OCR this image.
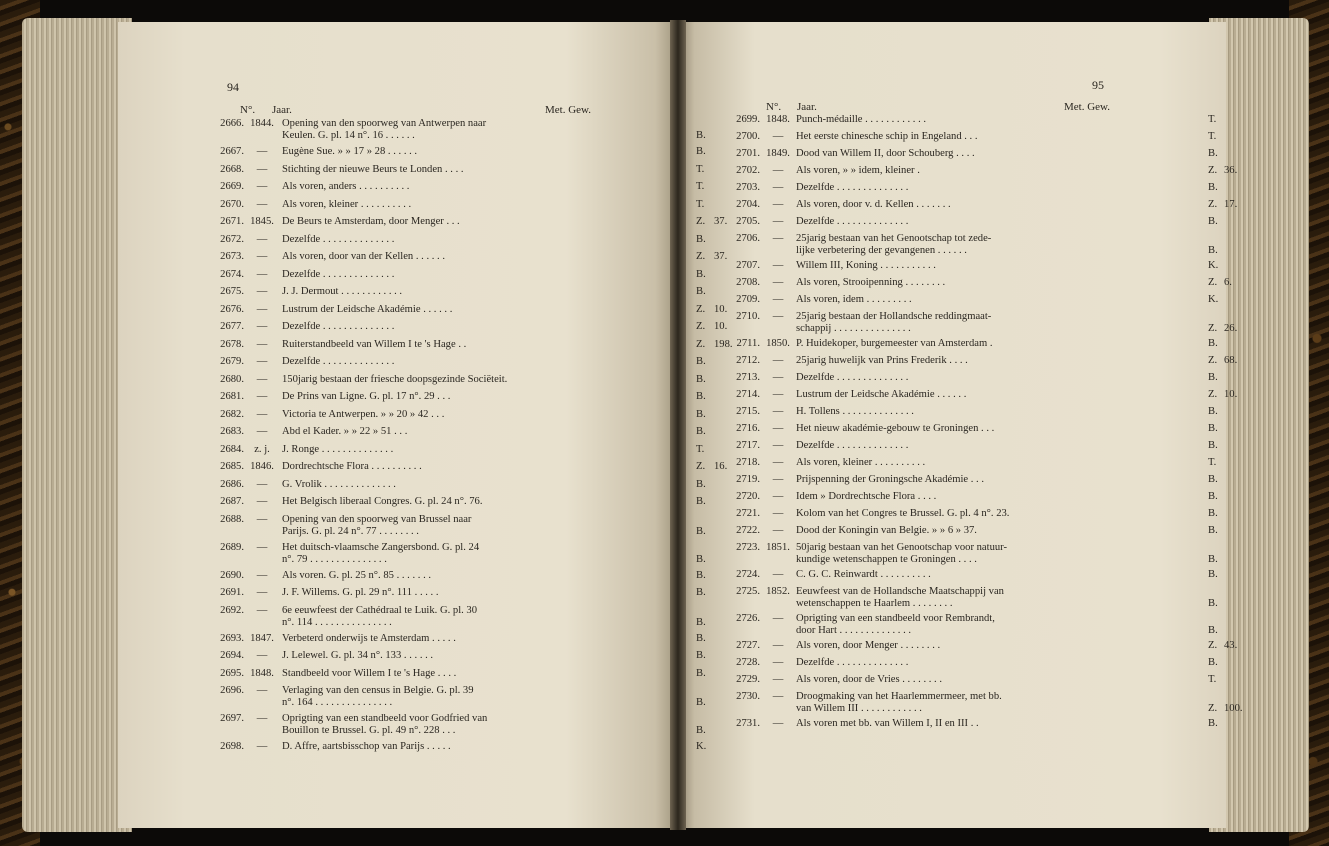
94
N°. Jaar.	Met. Gew.
2666. 1844. Opening van den spoorweg van Antwerpen naar
Keulen. G. pl. 14 n°. 16 . . . . . .	B.
2667.	—	Eugène Sue. » » 17 » 28 . . . . . .	B.
2668.	—	Stichting der nieuwe Beurs te Londen . . . .	T.
2669.	—	Als voren, anders . . . . . . . . . .	T.
2670.	—	Als voren, kleiner . . . . . . . . . .	T.
2671. 1845. De Beurs te Amsterdam, door Menger . . .	Z. 37.
2672.	—	Dezelfde . . . . . . . . . . . . . .	B.
2673.	—	Als voren, door van der Kellen . . . . . .	Z. 37.
2674.	—	Dezelfde . . . . . . . . . . . . . .	B.
2675.	—	J. J. Dermout . . . . . . . . . . . .	B.
2676.	—	Lustrum der Leidsche Akadémie . . . . . .	Z. 10.
2677.	—	Dezelfde . . . . . . . . . . . . . .	Z. 10.
2678.	—	Ruiterstandbeeld van Willem I te 's Hage . .	Z. 198.
2679.	—	Dezelfde . . . . . . . . . . . . . .	B.
2680.	—	150jarig bestaan der friesche doopsgezinde Sociëteit.	B.
2681.	—	De Prins van Ligne. G. pl. 17 n°. 29 . . .	B.
2682.	—	Victoria te Antwerpen. » » 20 » 42 . . .	B.
2683.	—	Abd el Kader. » » 22 » 51 . . .	B.
2684. z. j.	J. Ronge . . . . . . . . . . . . . .	T.
2685. 1846. Dordrechtsche Flora . . . . . . . . . .	Z. 16.
2686.	—	G. Vrolik . . . . . . . . . . . . . .	B.
2687.	—	Het Belgisch liberaal Congres. G. pl. 24 n°. 76.	B.
2688.	—	Opening van den spoorweg van Brussel naar
Parijs. G. pl. 24 n°. 77 . . . . . . . .	B.
2689.	—	Het duitsch-vlaamsche Zangersbond. G. pl. 24
n°. 79 . . . . . . . . . . . . . . .	B.
2690.	—	Als voren. G. pl. 25 n°. 85 . . . . . . .	B.
2691.	—	J. F. Willems. G. pl. 29 n°. 111 . . . . .	B.
2692.	—	6e eeuwfeest der Cathédraal te Luik. G. pl. 30
n°. 114 . . . . . . . . . . . . . . .	B.
2693. 1847. Verbeterd onderwijs te Amsterdam . . . . .	B.
2694.	—	J. Lelewel. G. pl. 34 n°. 133 . . . . . .	B.
2695. 1848. Standbeeld voor Willem I te 's Hage . . . .	B.
2696.	—	Verlaging van den census in Belgie. G. pl. 39
n°. 164 . . . . . . . . . . . . . . .	B.
2697.	—	Oprigting van een standbeeld voor Godfried van
Bouillon te Brussel. G. pl. 49 n°. 228 . . .	B.
2698.	—	D. Affre, aartsbisschop van Parijs . . . . .	K.
95
N°. Jaar.	Met. Gew.
2699. 1848. Punch-médaille . . . . . . . . . . . .	T.
2700.	—	Het eerste chinesche schip in Engeland . . .	T.
2701. 1849. Dood van Willem II, door Schouberg . . . .	B.
2702.	—	Als voren, » » idem, kleiner .	Z. 36.
2703.	—	Dezelfde . . . . . . . . . . . . . .	B.
2704.	—	Als voren, door v. d. Kellen . . . . . . .	Z. 17.
2705.	—	Dezelfde . . . . . . . . . . . . . .	B.
2706.	—	25jarig bestaan van het Genootschap tot zede-
lijke verbetering der gevangenen . . . . . .	B.
2707.	—	Willem III, Koning . . . . . . . . . . .	K.
2708.	—	Als voren, Strooipenning . . . . . . . .	Z. 6.
2709.	—	Als voren, idem . . . . . . . . .	K.
2710.	—	25jarig bestaan der Hollandsche reddingmaat-
schappij . . . . . . . . . . . . . . .	Z. 26.
2711. 1850. P. Huidekoper, burgemeester van Amsterdam .	B.
2712.	—	25jarig huwelijk van Prins Frederik . . . .	Z. 68.
2713.	—	Dezelfde . . . . . . . . . . . . . .	B.
2714.	—	Lustrum der Leidsche Akadémie . . . . . .	Z. 10.
2715.	—	H. Tollens . . . . . . . . . . . . . .	B.
2716.	—	Het nieuw akadémie-gebouw te Groningen . . .	B.
2717.	—	Dezelfde . . . . . . . . . . . . . .	B.
2718.	—	Als voren, kleiner . . . . . . . . . .	T.
2719.	—	Prijspenning der Groningsche Akadémie . . .	B.
2720.	—	Idem » Dordrechtsche Flora . . . .	B.
2721.	—	Kolom van het Congres te Brussel. G. pl. 4 n°. 23.	B.
2722.	—	Dood der Koningin van Belgie. » » 6 » 37.	B.
2723. 1851. 50jarig bestaan van het Genootschap voor natuur-
kundige wetenschappen te Groningen . . . .	B.
2724.	—	C. G. C. Reinwardt . . . . . . . . . .	B.
2725. 1852. Eeuwfeest van de Hollandsche Maatschappij van
wetenschappen te Haarlem . . . . . . . .	B.
2726.	—	Oprigting van een standbeeld voor Rembrandt,
door Hart . . . . . . . . . . . . . .	B.
2727.	—	Als voren, door Menger . . . . . . . .	Z. 43.
2728.	—	Dezelfde . . . . . . . . . . . . . .	B.
2729.	—	Als voren, door de Vries . . . . . . . .	T.
2730.	—	Droogmaking van het Haarlemmermeer, met bb.
van Willem III . . . . . . . . . . . .	Z. 100.
2731.	—	Als voren met bb. van Willem I, II en III . .	B.
